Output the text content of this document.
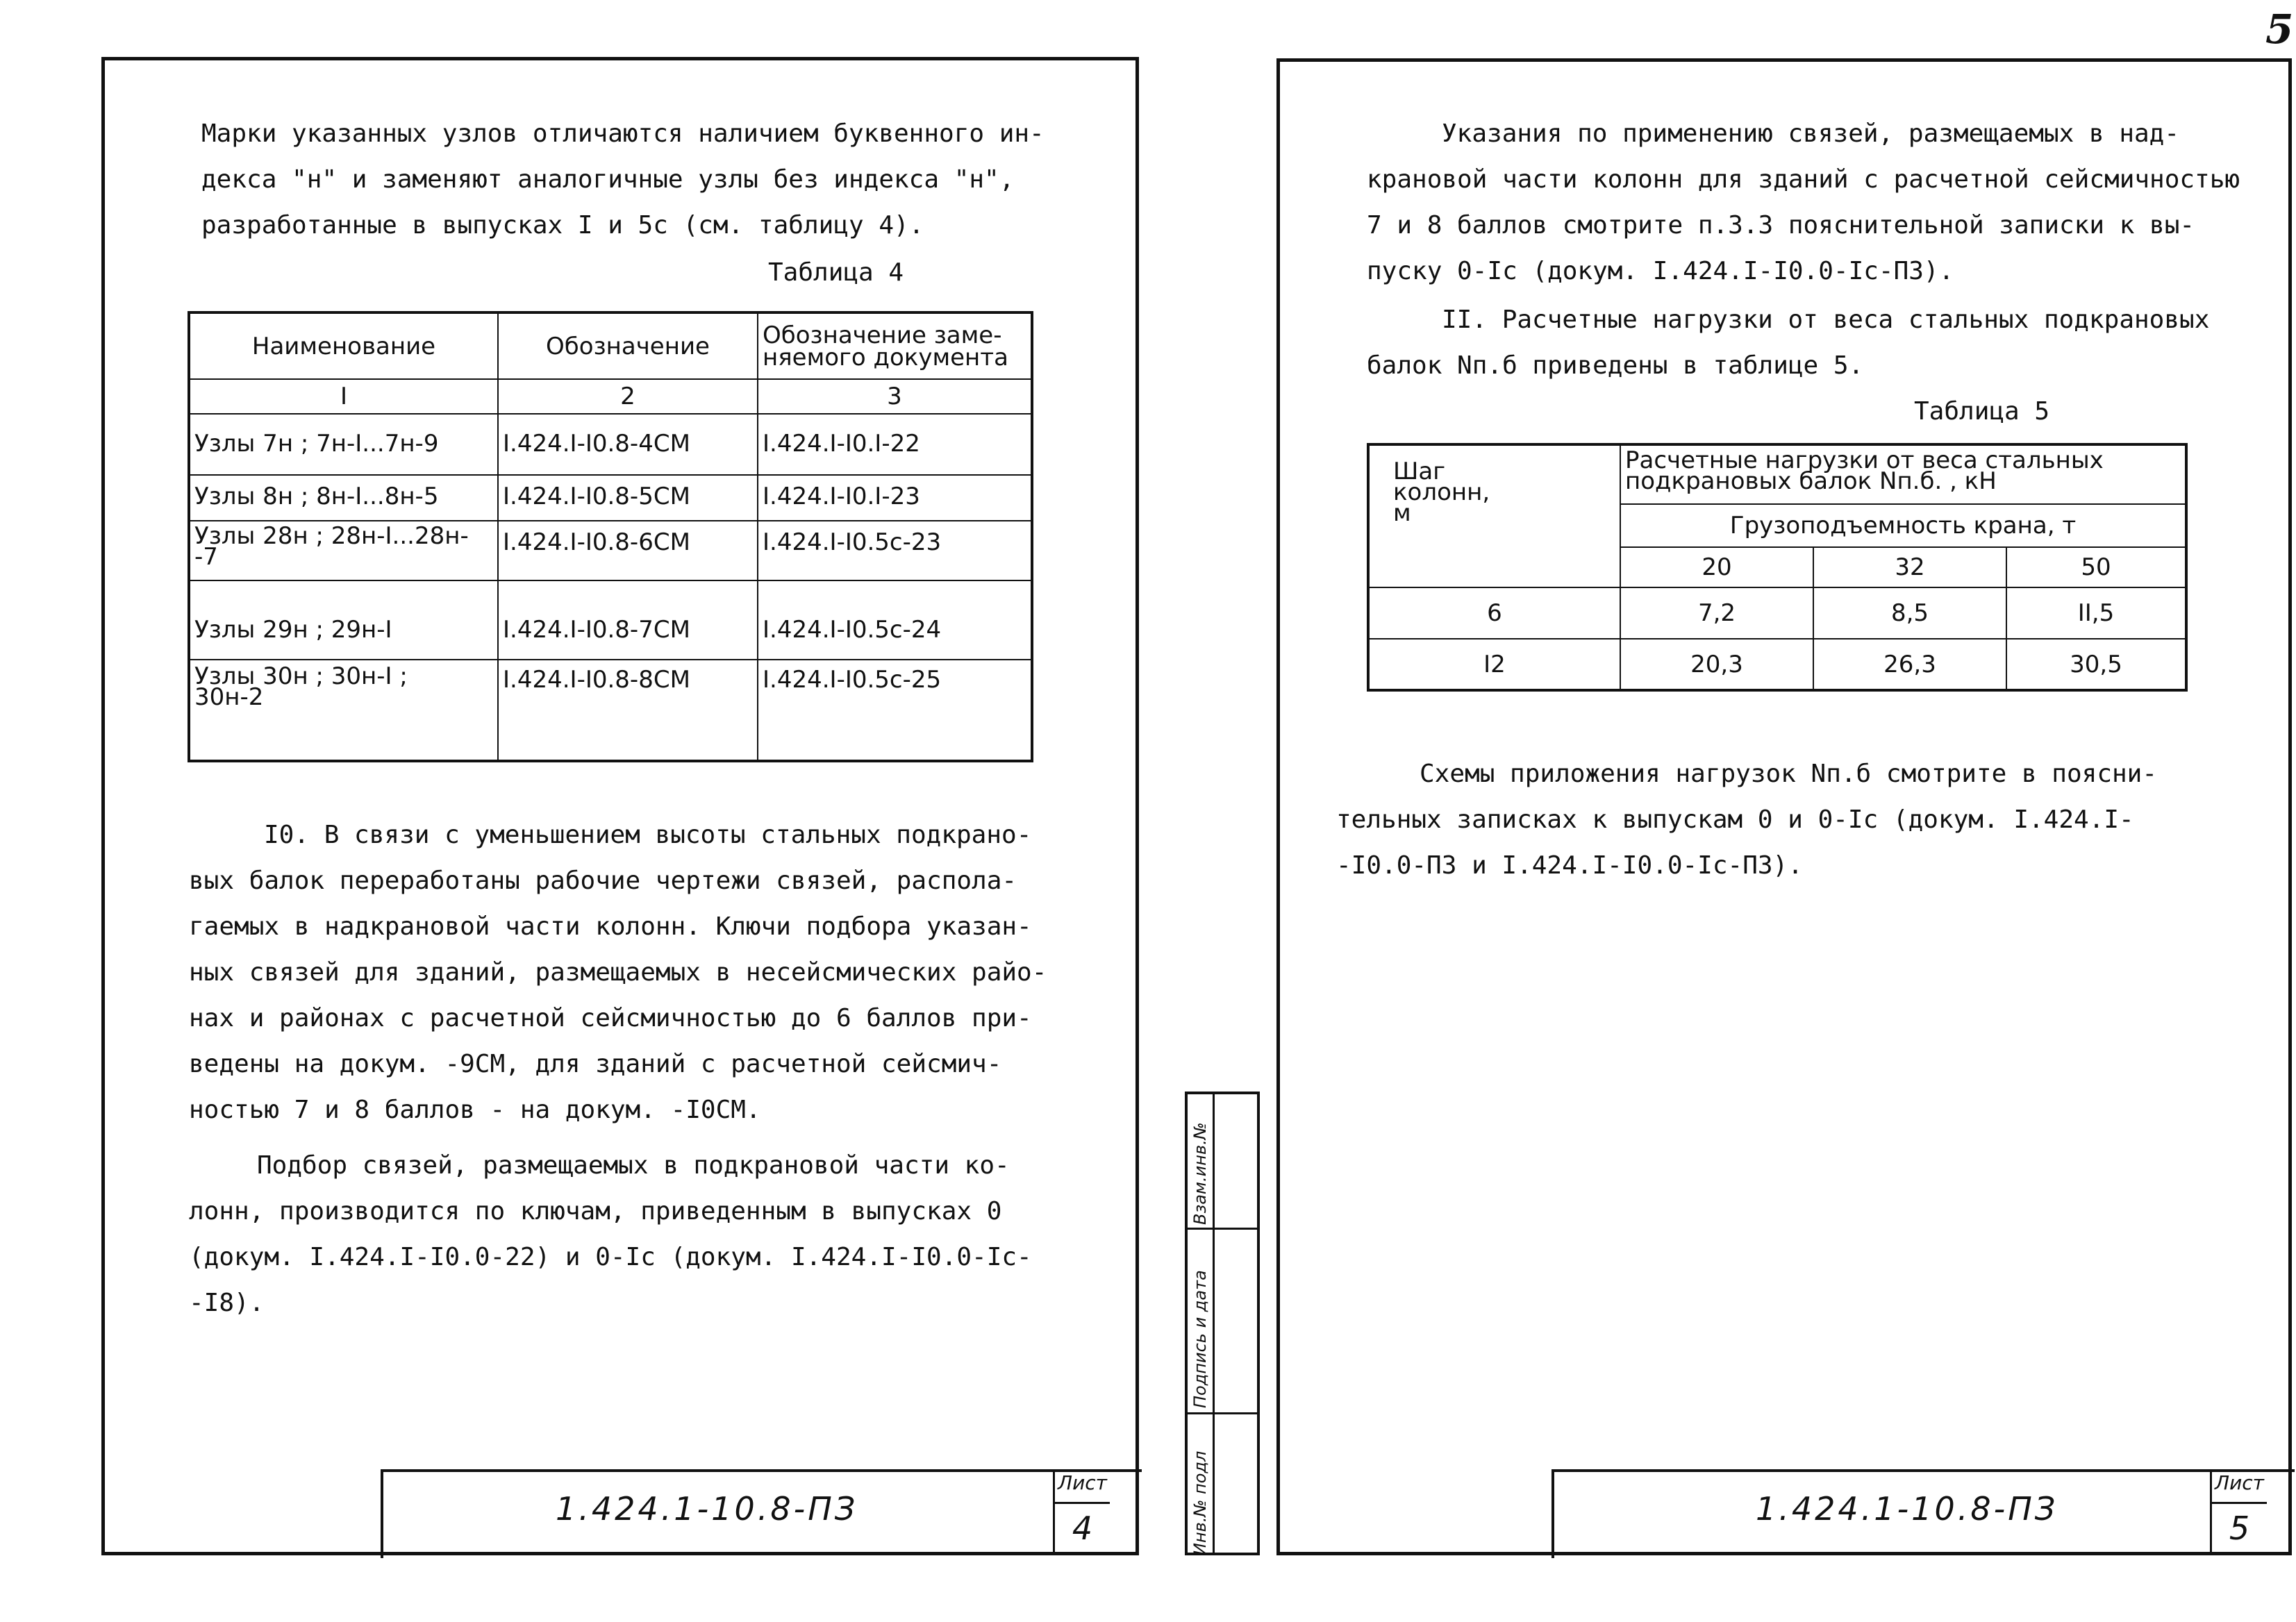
5
Марки указанных узлов отличаются наличием буквенного ин-
декса "н" и заменяют аналогичные узлы без индекса "н",
разработанные в выпусках I и 5с (см. таблицу 4).
Таблица 4
Наименование	Обозначение	Обозначение заме-
няемого документа
I	2	3
Узлы 7н ; 7н-I...7н-9	I.424.I-I0.8-4СМ	I.424.I-I0.I-22
Узлы 8н ; 8н-I...8н-5	I.424.I-I0.8-5СМ	I.424.I-I0.I-23
Узлы 28н ; 28н-I...28н-
-7	I.424.I-I0.8-6СМ	I.424.I-I0.5с-23
Узлы 29н ; 29н-I	I.424.I-I0.8-7СМ	I.424.I-I0.5с-24
Узлы 30н ; 30н-I ;
30н-2	I.424.I-I0.8-8СМ	I.424.I-I0.5с-25
I0. В связи с уменьшением высоты стальных подкрано-
вых балок переработаны рабочие чертежи связей, распола-
гаемых в надкрановой части колонн. Ключи подбора указан-
ных связей для зданий, размещаемых в несейсмических райо-
нах и районах с расчетной сейсмичностью до 6 баллов при-
ведены на докум. -9СМ, для зданий с расчетной сейсмич-
ностью 7 и 8 баллов - на докум. -I0СМ.
Подбор связей, размещаемых в подкрановой части ко-
лонн, производится по ключам, приведенным в выпусках 0
(докум. I.424.I-I0.0-22) и 0-Iс (докум. I.424.I-I0.0-Iс-
-I8).
1.424.1-10.8-ПЗ
Лист
4	Инв.№ подл
Подпись и дата
Взам.инв.№
Указания по применению связей, размещаемых в над-
крановой части колонн для зданий с расчетной сейсмичностью
7 и 8 баллов смотрите п.3.3 пояснительной записки к вы-
пуску 0-Iс (докум. I.424.I-I0.0-Iс-ПЗ).
II. Расчетные нагрузки от веса стальных подкрановых
балок Nп.б приведены в таблице 5.
Таблица 5
Шаг
колонн,
м	Расчетные нагрузки от веса стальных
подкрановых балок Nп.б. , кН		
	Грузоподъемность крана, т		
	20	32	50
6	7,2	8,5	II,5
I2	20,3	26,3	30,5
Схемы приложения нагрузок Nп.б смотрите в поясни-
тельных записках к выпускам 0 и 0-Iс (докум. I.424.I-
-I0.0-ПЗ и I.424.I-I0.0-Iс-ПЗ).
1.424.1-10.8-ПЗ
Лист
5
